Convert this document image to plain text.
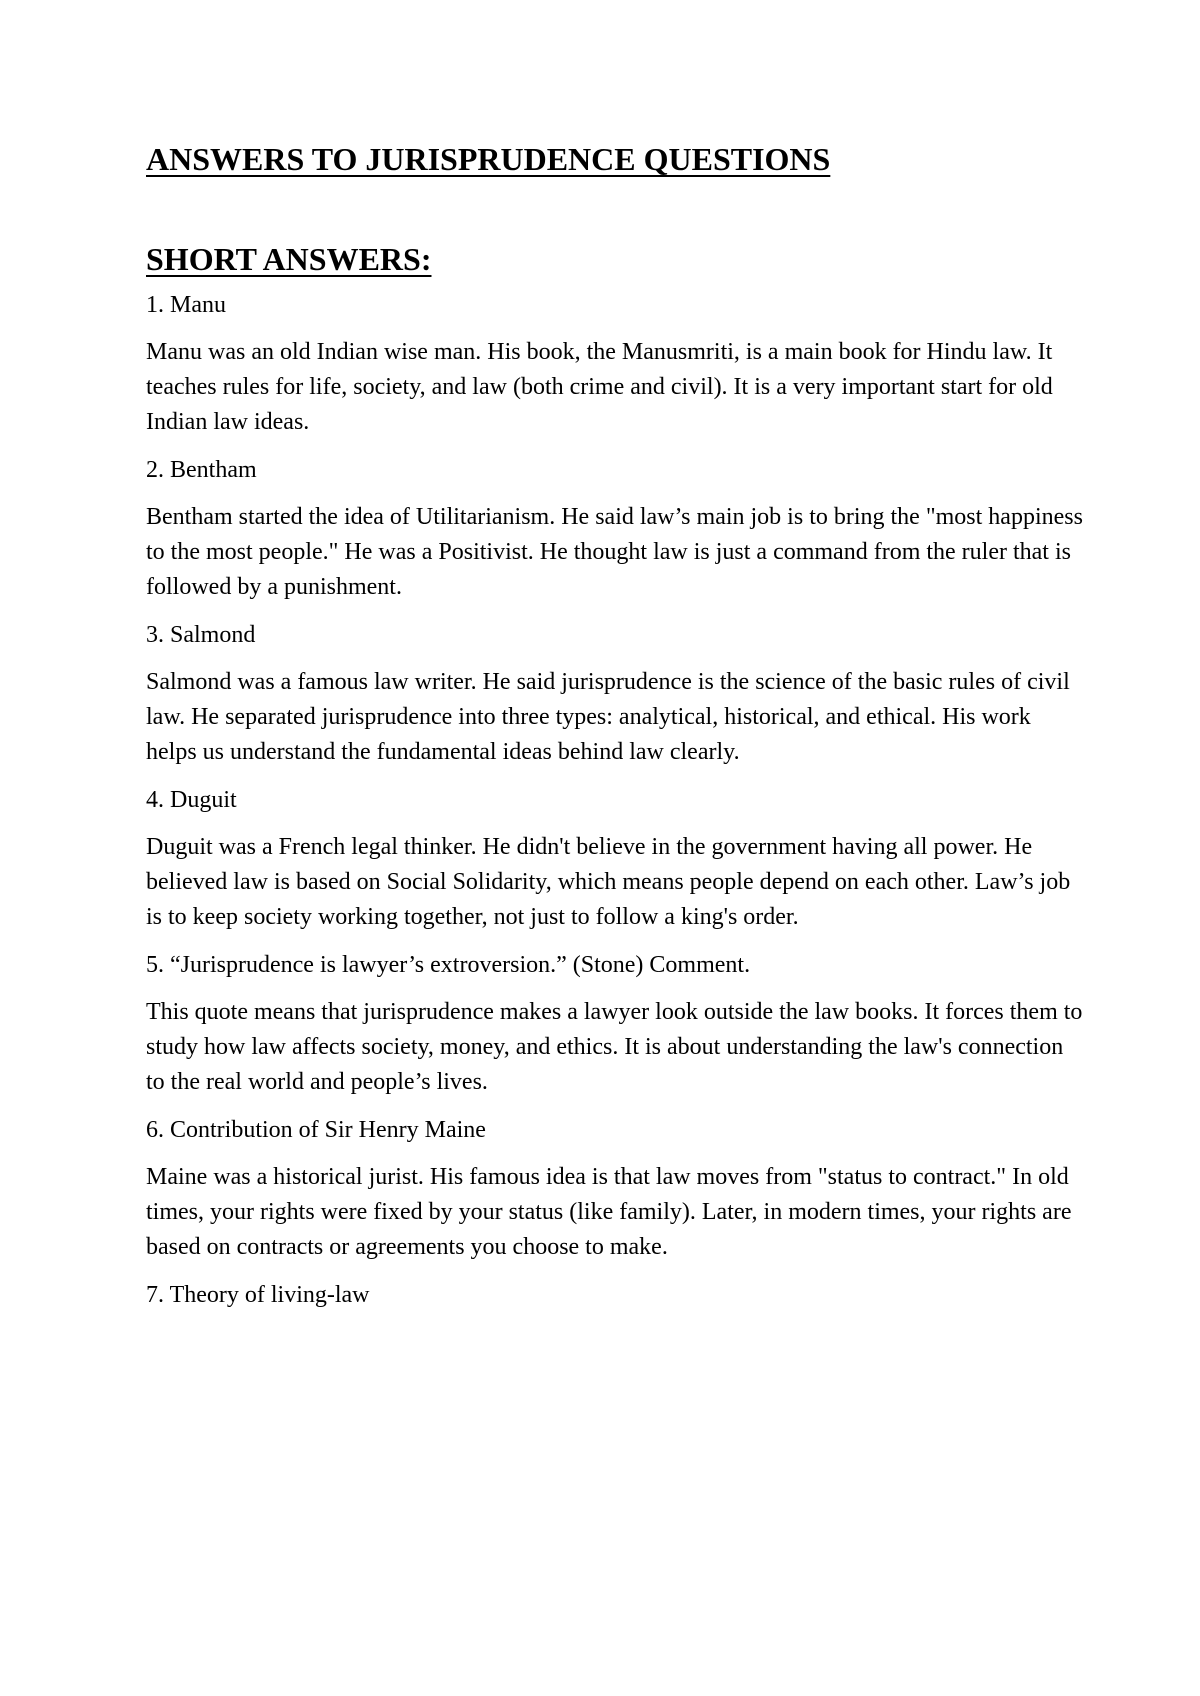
ANSWERS TO JURISPRUDENCE QUESTIONS
SHORT ANSWERS:

1. Manu

Manu was an old Indian wise man. His book, the Manusmriti, is a main book for Hindu law. It teaches rules for life, society, and law (both crime and civil). It is a very important start for old Indian law ideas.

2. Bentham

Bentham started the idea of Utilitarianism. He said law’s main job is to bring the "most happiness to the most people." He was a Positivist. He thought law is just a command from the ruler that is followed by a punishment.

3. Salmond

Salmond was a famous law writer. He said jurisprudence is the science of the basic rules of civil law. He separated jurisprudence into three types: analytical, historical, and ethical. His work helps us understand the fundamental ideas behind law clearly.

4. Duguit

Duguit was a French legal thinker. He didn't believe in the government having all power. He believed law is based on Social Solidarity, which means people depend on each other. Law’s job is to keep society working together, not just to follow a king's order.

5. “Jurisprudence is lawyer’s extroversion.” (Stone) Comment.

This quote means that jurisprudence makes a lawyer look outside the law books. It forces them to study how law affects society, money, and ethics. It is about understanding the law's connection to the real world and people’s lives.

6. Contribution of Sir Henry Maine

Maine was a historical jurist. His famous idea is that law moves from "status to contract." In old times, your rights were fixed by your status (like family). Later, in modern times, your rights are based on contracts or agreements you choose to make.

7. Theory of living-law
